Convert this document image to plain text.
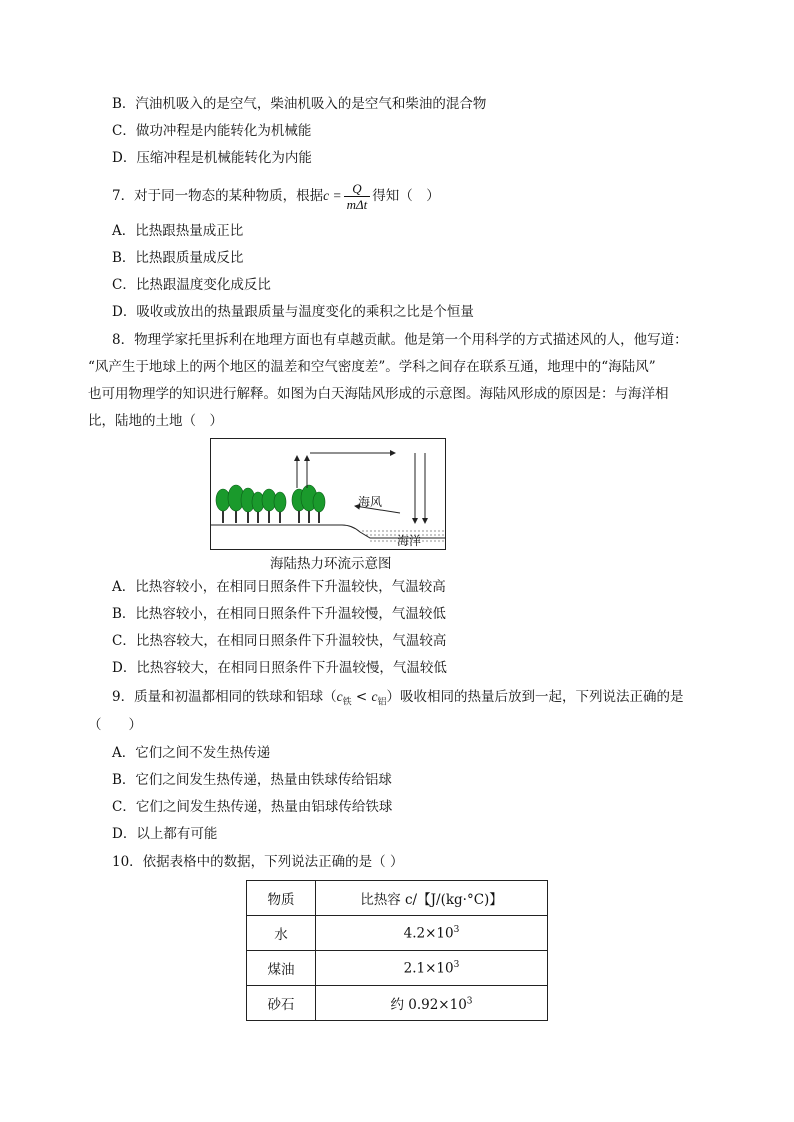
B．汽油机吸入的是空气，柴油机吸入的是空气和柴油的混合物
C．做功冲程是内能转化为机械能
D．压缩冲程是机械能转化为内能
7．对于同一物态的某种物质，根据$c = \frac{Q}{\text{mΔt}}$ 得知（　）
A．比热跟热量成正比
B．比热跟质量成反比
C．比热跟温度变化成反比
D．吸收或放出的热量跟质量与温度变化的乘积之比是个恒量
8．物理学家托里拆利在地理方面也有卓越贡献。他是第一个用科学的方式描述风的人，他写道：
“风产生于地球上的两个地区的温差和空气密度差”。学科之间存在联系互通，地理中的“海陆风”
也可用物理学的知识进行解释。如图为白天海陆风形成的示意图。海陆风形成的原因是：与海洋相
比，陆地的土地（　）
海风
海洋
海陆热力环流示意图
A．比热容较小，在相同日照条件下升温较快，气温较高
B．比热容较小，在相同日照条件下升温较慢，气温较低
C．比热容较大，在相同日照条件下升温较快，气温较高
D．比热容较大，在相同日照条件下升温较慢，气温较低
9．质量和初温都相同的铁球和铝球$(c_铁 < c_铝)$吸收相同的热量后放到一起，下列说法正确的是
（　　）
A．它们之间不发生热传递
B．它们之间发生热传递，热量由铁球传给铝球
C．它们之间发生热传递，热量由铝球传给铁球
D．以上都有可能
10．依据表格中的数据，下列说法正确的是（ ）
物质	比热容 c/【J/(kg·°C)】
水	$4.2\times 10^3$
煤油	$2.1\times 10^3$
砂石	约 $0.92\times 10^3$
